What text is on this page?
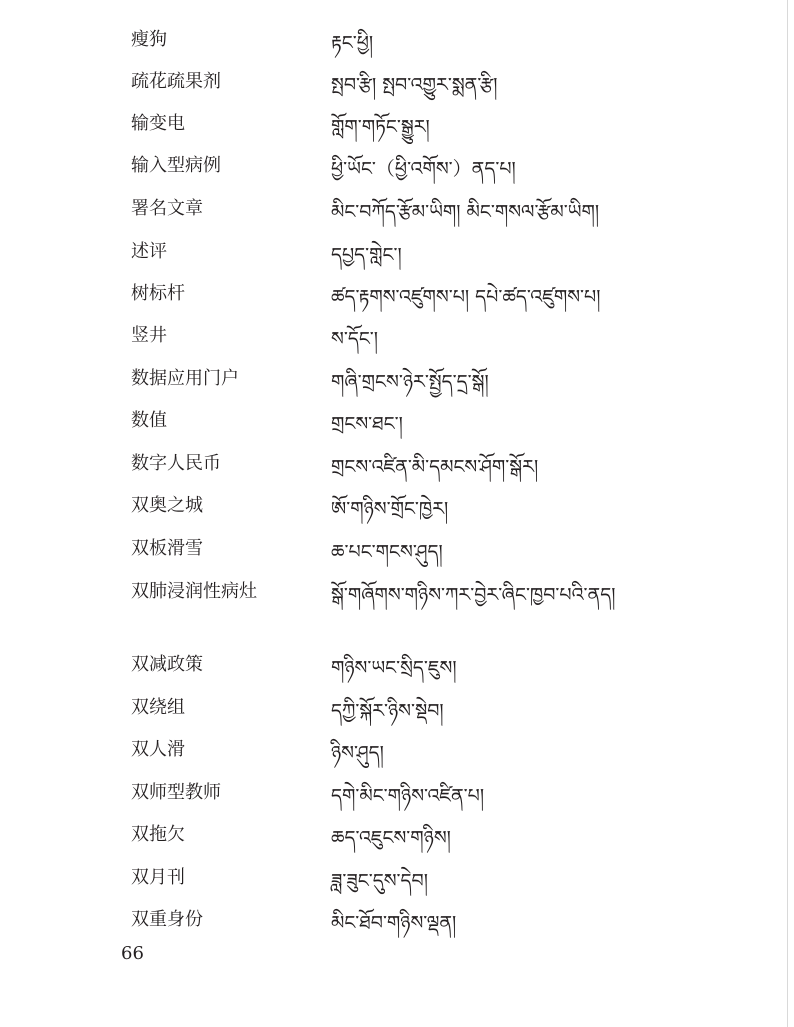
瘦狗	རྟང་ཕྱི།
疏花疏果剂	སྤབ་རྩི། སྤབ་འགྱུར་སྨན་རྩི།
输变电	གློག་གཏོང་སྒྱུར།
输入型病例	ཕྱི་ཡོང་（ཕྱི་འགོས་）ནད་པ།
署名文章	མིང་བཀོད་རྩོམ་ཡིག། མིང་གསལ་རྩོམ་ཡིག།
述评	དཔྱད་གླེང་།
树标杆	ཚད་རྟགས་འཛུགས་པ། དཔེ་ཚད་འཛུགས་པ།
竖井	ས་དོང་།
数据应用门户	གཞི་གྲངས་ཉེར་སྤྱོད་དྲ་སྒོ།
数值	གྲངས་ཐང་།
数字人民币	གྲངས་འཛིན་མི་དམངས་ཤོག་སྒོར།
双奥之城	ཨོ་གཉིས་གྲོང་ཁྱེར།
双板滑雪	ཆ་པང་གངས་ཤུད།
双肺浸润性病灶	སྒོ་གཞོགས་གཉིས་ཀར་བྱེར་ཞིང་ཁྱབ་པའི་ནད།
双减政策	གཉིས་ཡང་སྲིད་ཇུས།
双绕组	དཀྱི་སྐོར་ཉིས་སྡེབ།
双人滑	ཉིས་ཤུད།
双师型教师	དགེ་མིང་གཉིས་འཛིན་པ།
双拖欠	ཆད་འཇུངས་གཉིས།
双月刊	ཟླ་ཟུང་དུས་དེབ།
双重身份	མིང་ཐོབ་གཉིས་ལྡན།
66
